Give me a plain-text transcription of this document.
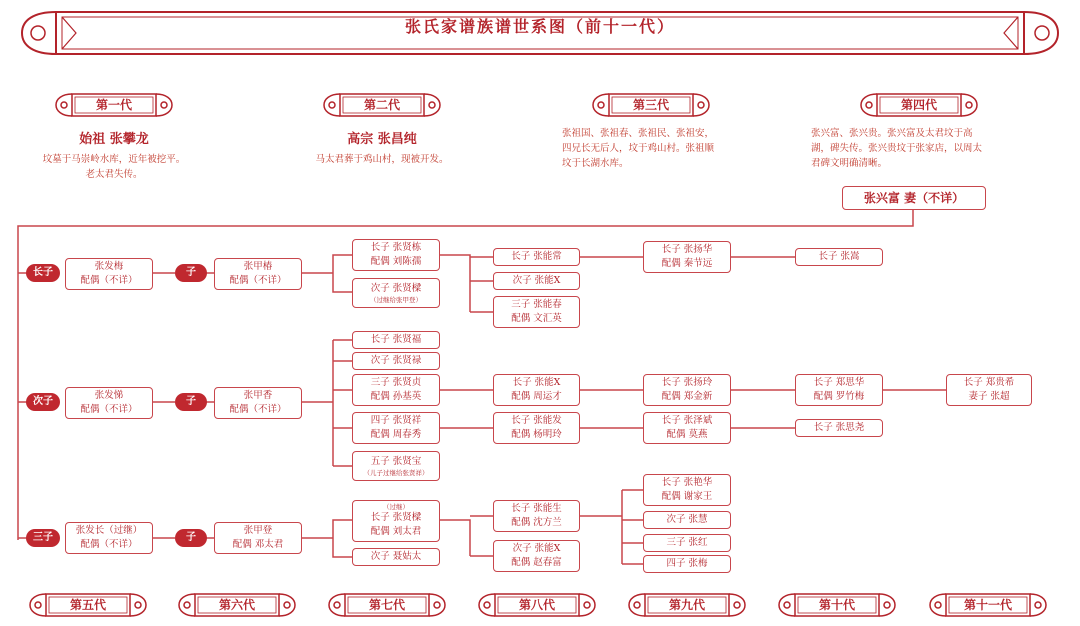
张氏家谱族谱世系图（前十一代）
第一代	第二代	第三代	第四代
始祖 张攀龙
坟墓于马崇岭水库，近年被挖平。
老太君失传。
高宗 张昌纯
马太君葬于鸡山村，现被开发。
张祖国、张祖春、张祖民、张祖安，
四兄长无后人，坟于鸡山村。张祖顺
坟于长湖水库。
张兴富、张兴贵。张兴富及太君坟于高
湖，碑失传。张兴贵坟于张家店，以周太
君碑文明确清晰。
张兴富 妻（不详）
长子
次子
三子
子
子
子
张发梅
配偶（不详）
张发悌
配偶（不详）
张发长（过继）
配偶（不详）
张甲椿
配偶（不详）
张甲香
配偶（不详）
张甲登
配偶 邓太君
长子 张贤栋
配偶 刘陈孺
次子 张贤樑
（过继给张甲登）
长子 张贤福
次子 张贤禄
三子 张贤贞
配偶 孙基英
四子 张贤祥
配偶 周春秀
五子 张贤宝
（儿子过继给张贤祥）
（过继）
长子 张贤樑
配偶 刘太君
次子 聂姑太
长子 张能常
次子 张能X
三子 张能春
配偶 文汇英
长子 张能X
配偶 周运才
长子 张能发
配偶 杨明玲
长子 张能生
配偶 沈方兰
次子 张能X
配偶 赵春富
长子 张扬华
配偶 秦节远
长子 张扬玲
配偶 郑金新
长子 张泽斌
配偶 莫燕
长子 张艳华
配偶 谢家王
次子 张慧
三子 张红
四子 张梅
长子 张嵩
长子 郑思华
配偶 罗竹梅
长子 张思尧
长子 郑贵希
妻子 张超
第五代	第六代	第七代	第八代	第九代	第十代	第十一代
